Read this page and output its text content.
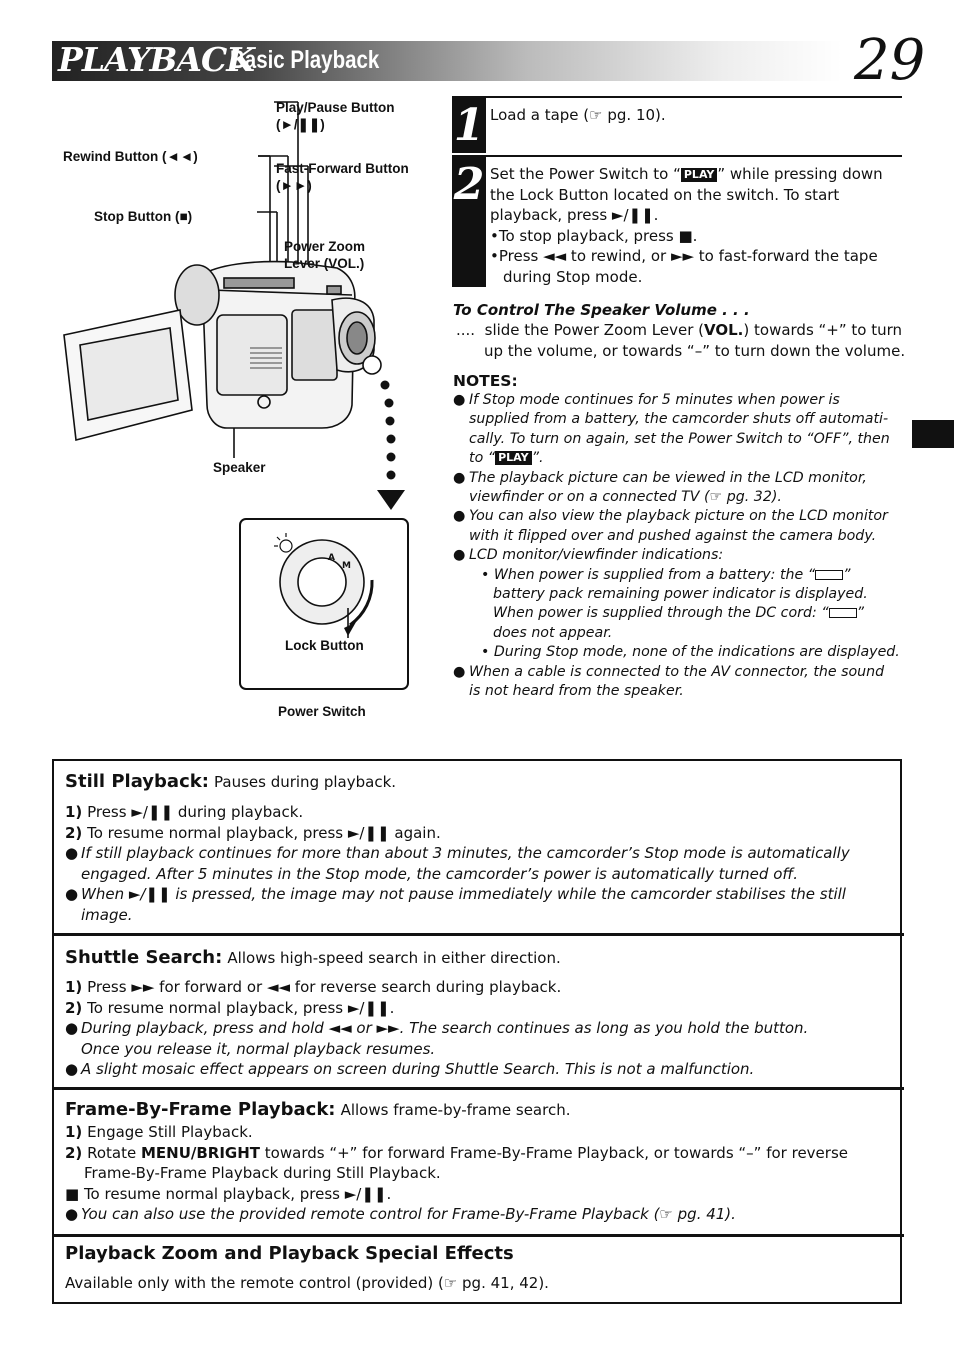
PLAYBACK
Basic Playback	29
A
M
Play/Pause Button
(►/❚❚)
Rewind Button (◄◄)
Fast-Forward Button
(►►)
Stop Button (■)
Power Zoom
Lever (VOL.)
Speaker
Lock Button
Power Switch
1 Load a tape (☞ pg. 10).
2 Set the Power Switch to “ PLAY ” while pressing down
the Lock Button located on the switch. To start
playback, press ►/❚❚.
•To stop playback, press ■.
•Press ◄◄ to rewind, or ►► to fast-forward the tape
during Stop mode.
To Control The Speaker Volume . . .
.... slide the Power Zoom Lever (VOL.) towards “+” to turn
up the volume, or towards “–” to turn down the volume.
NOTES:
● If Stop mode continues for 5 minutes when power is
supplied from a battery, the camcorder shuts off automati-
cally. To turn on again, set the Power Switch to “OFF”, then
to “ PLAY ”.
● The playback picture can be viewed in the LCD monitor,
viewfinder or on a connected TV (☞ pg. 32).
● You can also view the playback picture on the LCD monitor
with it flipped over and pushed against the camera body.
● LCD monitor/viewfinder indications:
• When power is supplied from a battery: the “ ”
battery pack remaining power indicator is displayed.
When power is supplied through the DC cord: “ ”
does not appear.
• During Stop mode, none of the indications are displayed.
● When a cable is connected to the AV connector, the sound
is not heard from the speaker.
Still Playback: Pauses during playback.
1) Press ►/❚❚ during playback.
2) To resume normal playback, press ►/❚❚ again.
● If still playback continues for more than about 3 minutes, the camcorder’s Stop mode is automatically
engaged. After 5 minutes in the Stop mode, the camcorder’s power is automatically turned off.
● When ►/❚❚ is pressed, the image may not pause immediately while the camcorder stabilises the still
image.
Shuttle Search: Allows high-speed search in either direction.
1) Press ►► for forward or ◄◄ for reverse search during playback.
2) To resume normal playback, press ►/❚❚.
● During playback, press and hold ◄◄ or ►►. The search continues as long as you hold the button.
Once you release it, normal playback resumes.
● A slight mosaic effect appears on screen during Shuttle Search. This is not a malfunction.
Frame-By-Frame Playback: Allows frame-by-frame search.
1) Engage Still Playback.
2) Rotate MENU/BRIGHT towards “+” for forward Frame-By-Frame Playback, or towards “–” for reverse
Frame-By-Frame Playback during Still Playback.
■ To resume normal playback, press ►/❚❚.
● You can also use the provided remote control for Frame-By-Frame Playback (☞ pg. 41).
Playback Zoom and Playback Special Effects
Available only with the remote control (provided) (☞ pg. 41, 42).
